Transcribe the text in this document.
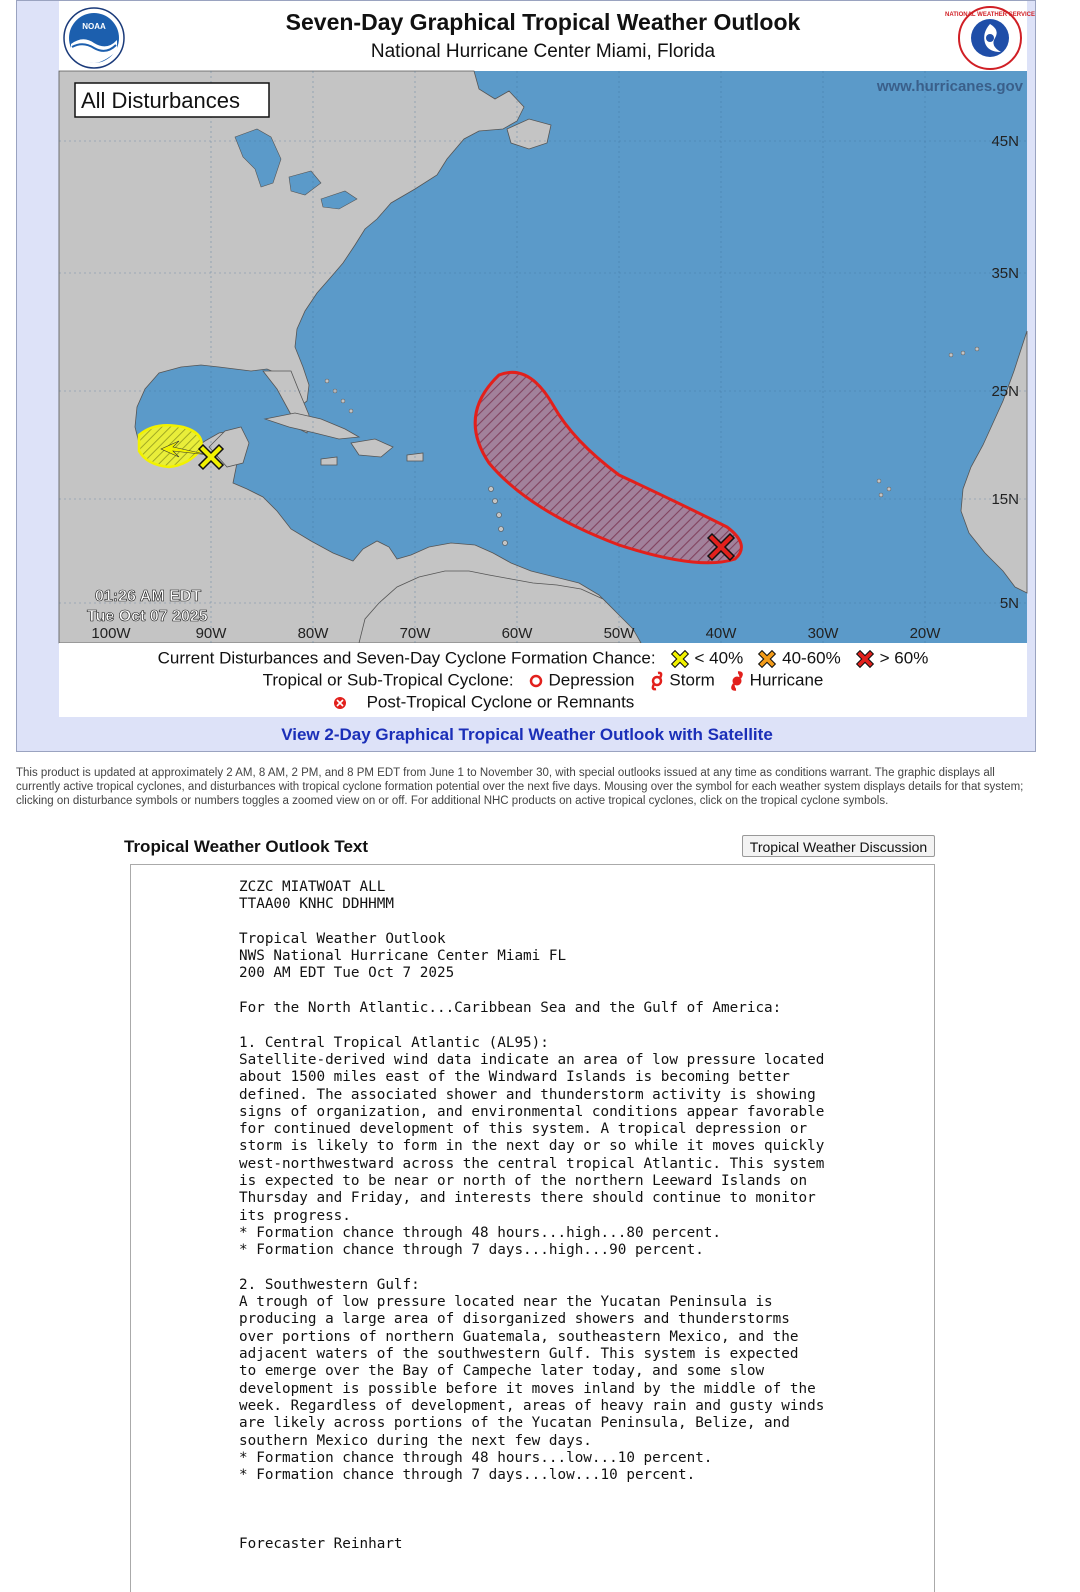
NOAA	Seven-Day Graphical Tropical Weather Outlook
National Hurricane Center Miami, Florida
NATIONAL WEATHER SERVICE
All Disturbances
www.hurricanes.gov
45N
35N
25N
15N
5N
100W	90W	80W	70W	60W	50W	40W	30W	20W
01:26 AM EDT
Tue Oct 07 2025
Current Disturbances and Seven-Day Cyclone Formation Chance: < 40% 40-60% > 60%
Tropical or Sub-Tropical Cyclone: Depression Storm Hurricane
Post-Tropical Cyclone or Remnants
View 2-Day Graphical Tropical Weather Outlook with Satellite
This product is updated at approximately 2 AM, 8 AM, 2 PM, and 8 PM EDT from June 1 to November 30, with special outlooks issued at any time as conditions warrant. The graphic displays all currently active tropical cyclones, and disturbances with tropical cyclone formation potential over the next five days. Mousing over the symbol for each weather system displays details for that system; clicking on disturbance symbols or numbers toggles a zoomed view on or off. For additional NHC products on active tropical cyclones, click on the tropical cyclone symbols.
Tropical Weather Outlook Text	Tropical Weather Discussion
ZCZC MIATWOAT ALL
TTAA00 KNHC DDHHMM

Tropical Weather Outlook
NWS National Hurricane Center Miami FL
200 AM EDT Tue Oct 7 2025

For the North Atlantic...Caribbean Sea and the Gulf of America:

1. Central Tropical Atlantic (AL95):
Satellite-derived wind data indicate an area of low pressure located
about 1500 miles east of the Windward Islands is becoming better
defined. The associated shower and thunderstorm activity is showing
signs of organization, and environmental conditions appear favorable
for continued development of this system. A tropical depression or
storm is likely to form in the next day or so while it moves quickly
west-northwestward across the central tropical Atlantic. This system
is expected to be near or north of the northern Leeward Islands on
Thursday and Friday, and interests there should continue to monitor
its progress.
* Formation chance through 48 hours...high...80 percent.
* Formation chance through 7 days...high...90 percent.

2. Southwestern Gulf:
A trough of low pressure located near the Yucatan Peninsula is
producing a large area of disorganized showers and thunderstorms
over portions of northern Guatemala, southeastern Mexico, and the
adjacent waters of the southwestern Gulf. This system is expected
to emerge over the Bay of Campeche later today, and some slow
development is possible before it moves inland by the middle of the
week. Regardless of development, areas of heavy rain and gusty winds
are likely across portions of the Yucatan Peninsula, Belize, and
southern Mexico during the next few days.
* Formation chance through 48 hours...low...10 percent.
* Formation chance through 7 days...low...10 percent.

Forecaster Reinhart
